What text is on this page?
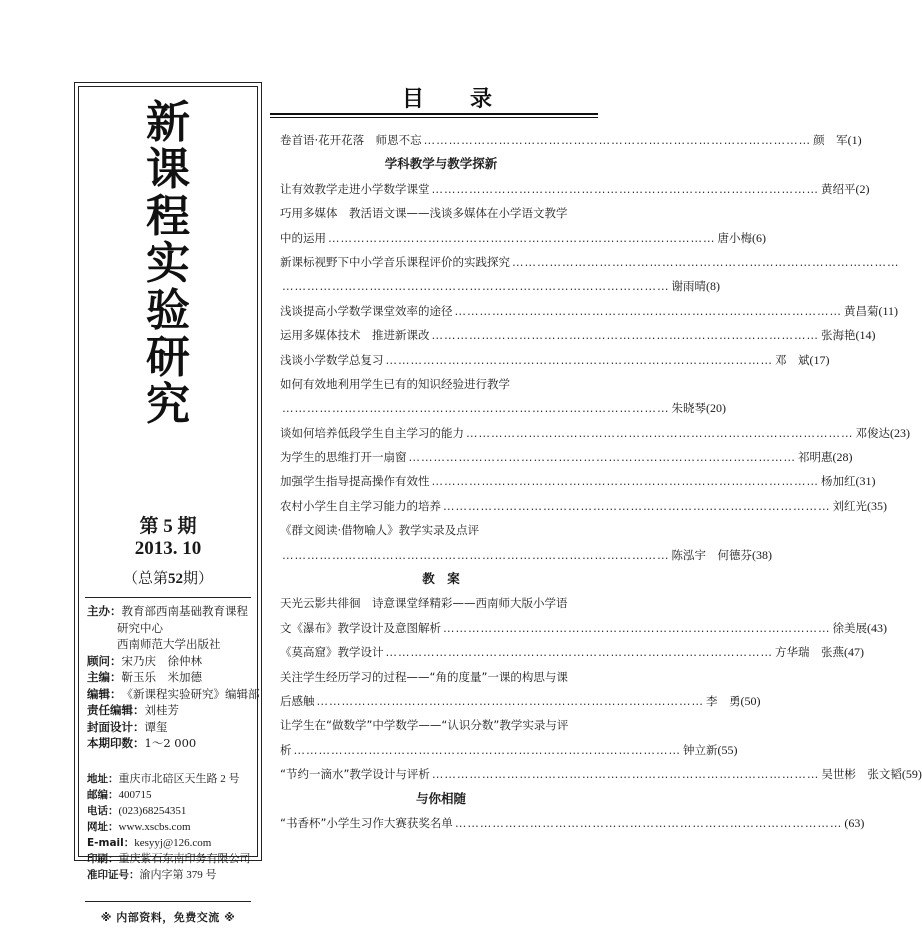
新
课
程
实
验
研
究
第 5 期
2013. 10
（总第52期）
主办： 教育部西南基础教育课程
研究中心
西南师范大学出版社
顾问： 宋乃庆　徐仲林
主编： 靳玉乐　米加德
编辑： 《新课程实验研究》编辑部
责任编辑： 刘桂芳
封面设计： 谭玺
本期印数： 1～2 000
地址： 重庆市北碚区天生路 2 号
邮编： 400715
电话： (023)68254351
网址： www.xscbs.com
E-mail： kesyyj@126.com
印刷： 重庆紫石东南印务有限公司
准印证号： 渝内字第 379 号
※ 内部资料，免费交流 ※
目录
卷首语·花开花落　师恩不忘 ………………………………………………………………………………… 颜　军 (1)
学科教学与教学探新
让有效教学走进小学数学课堂 ………………………………………………………………………………… 黄绍平 (2)
巧用多媒体　教活语文课——浅谈多媒体在小学语文教学
中的运用 ………………………………………………………………………………… 唐小梅 (6)
新课标视野下中小学音乐课程评价的实践探究 …………………………………………………………………………………
………………………………………………………………………………… 谢雨晴 (8)
浅谈提高小学数学课堂效率的途径 ………………………………………………………………………………… 黄昌菊 (11)
运用多媒体技术　推进新课改 ………………………………………………………………………………… 张海艳 (14)
浅谈小学数学总复习 ………………………………………………………………………………… 邓　斌 (17)
如何有效地利用学生已有的知识经验进行教学
………………………………………………………………………………… 朱晓琴 (20)
谈如何培养低段学生自主学习的能力 ………………………………………………………………………………… 邓俊达 (23)
为学生的思维打开一扇窗 ………………………………………………………………………………… 祁明惠 (28)
加强学生指导提高操作有效性 ………………………………………………………………………………… 杨加红 (31)
农村小学生自主学习能力的培养 ………………………………………………………………………………… 刘红光 (35)
《群文阅读·借物喻人》教学实录及点评
………………………………………………………………………………… 陈泓宇　何德芬 (38)
教　案
天光云影共徘徊　诗意课堂绎精彩——西南师大版小学语
文《瀑布》教学设计及意图解析 ………………………………………………………………………………… 徐美展 (43)
《莫高窟》教学设计 ………………………………………………………………………………… 方华瑞　张燕 (47)
关注学生经历学习的过程——“角的度量”一课的构思与课
后感触 ………………………………………………………………………………… 李　勇 (50)
让学生在“做数学”中学数学——“认识分数”教学实录与评
析 ………………………………………………………………………………… 钟立新 (55)
“节约一滴水”教学设计与评析 ………………………………………………………………………………… 吴世彬　张文韬 (59)
与你相随
“书香杯”小学生习作大赛获奖名单 ………………………………………………………………………………… (63)
